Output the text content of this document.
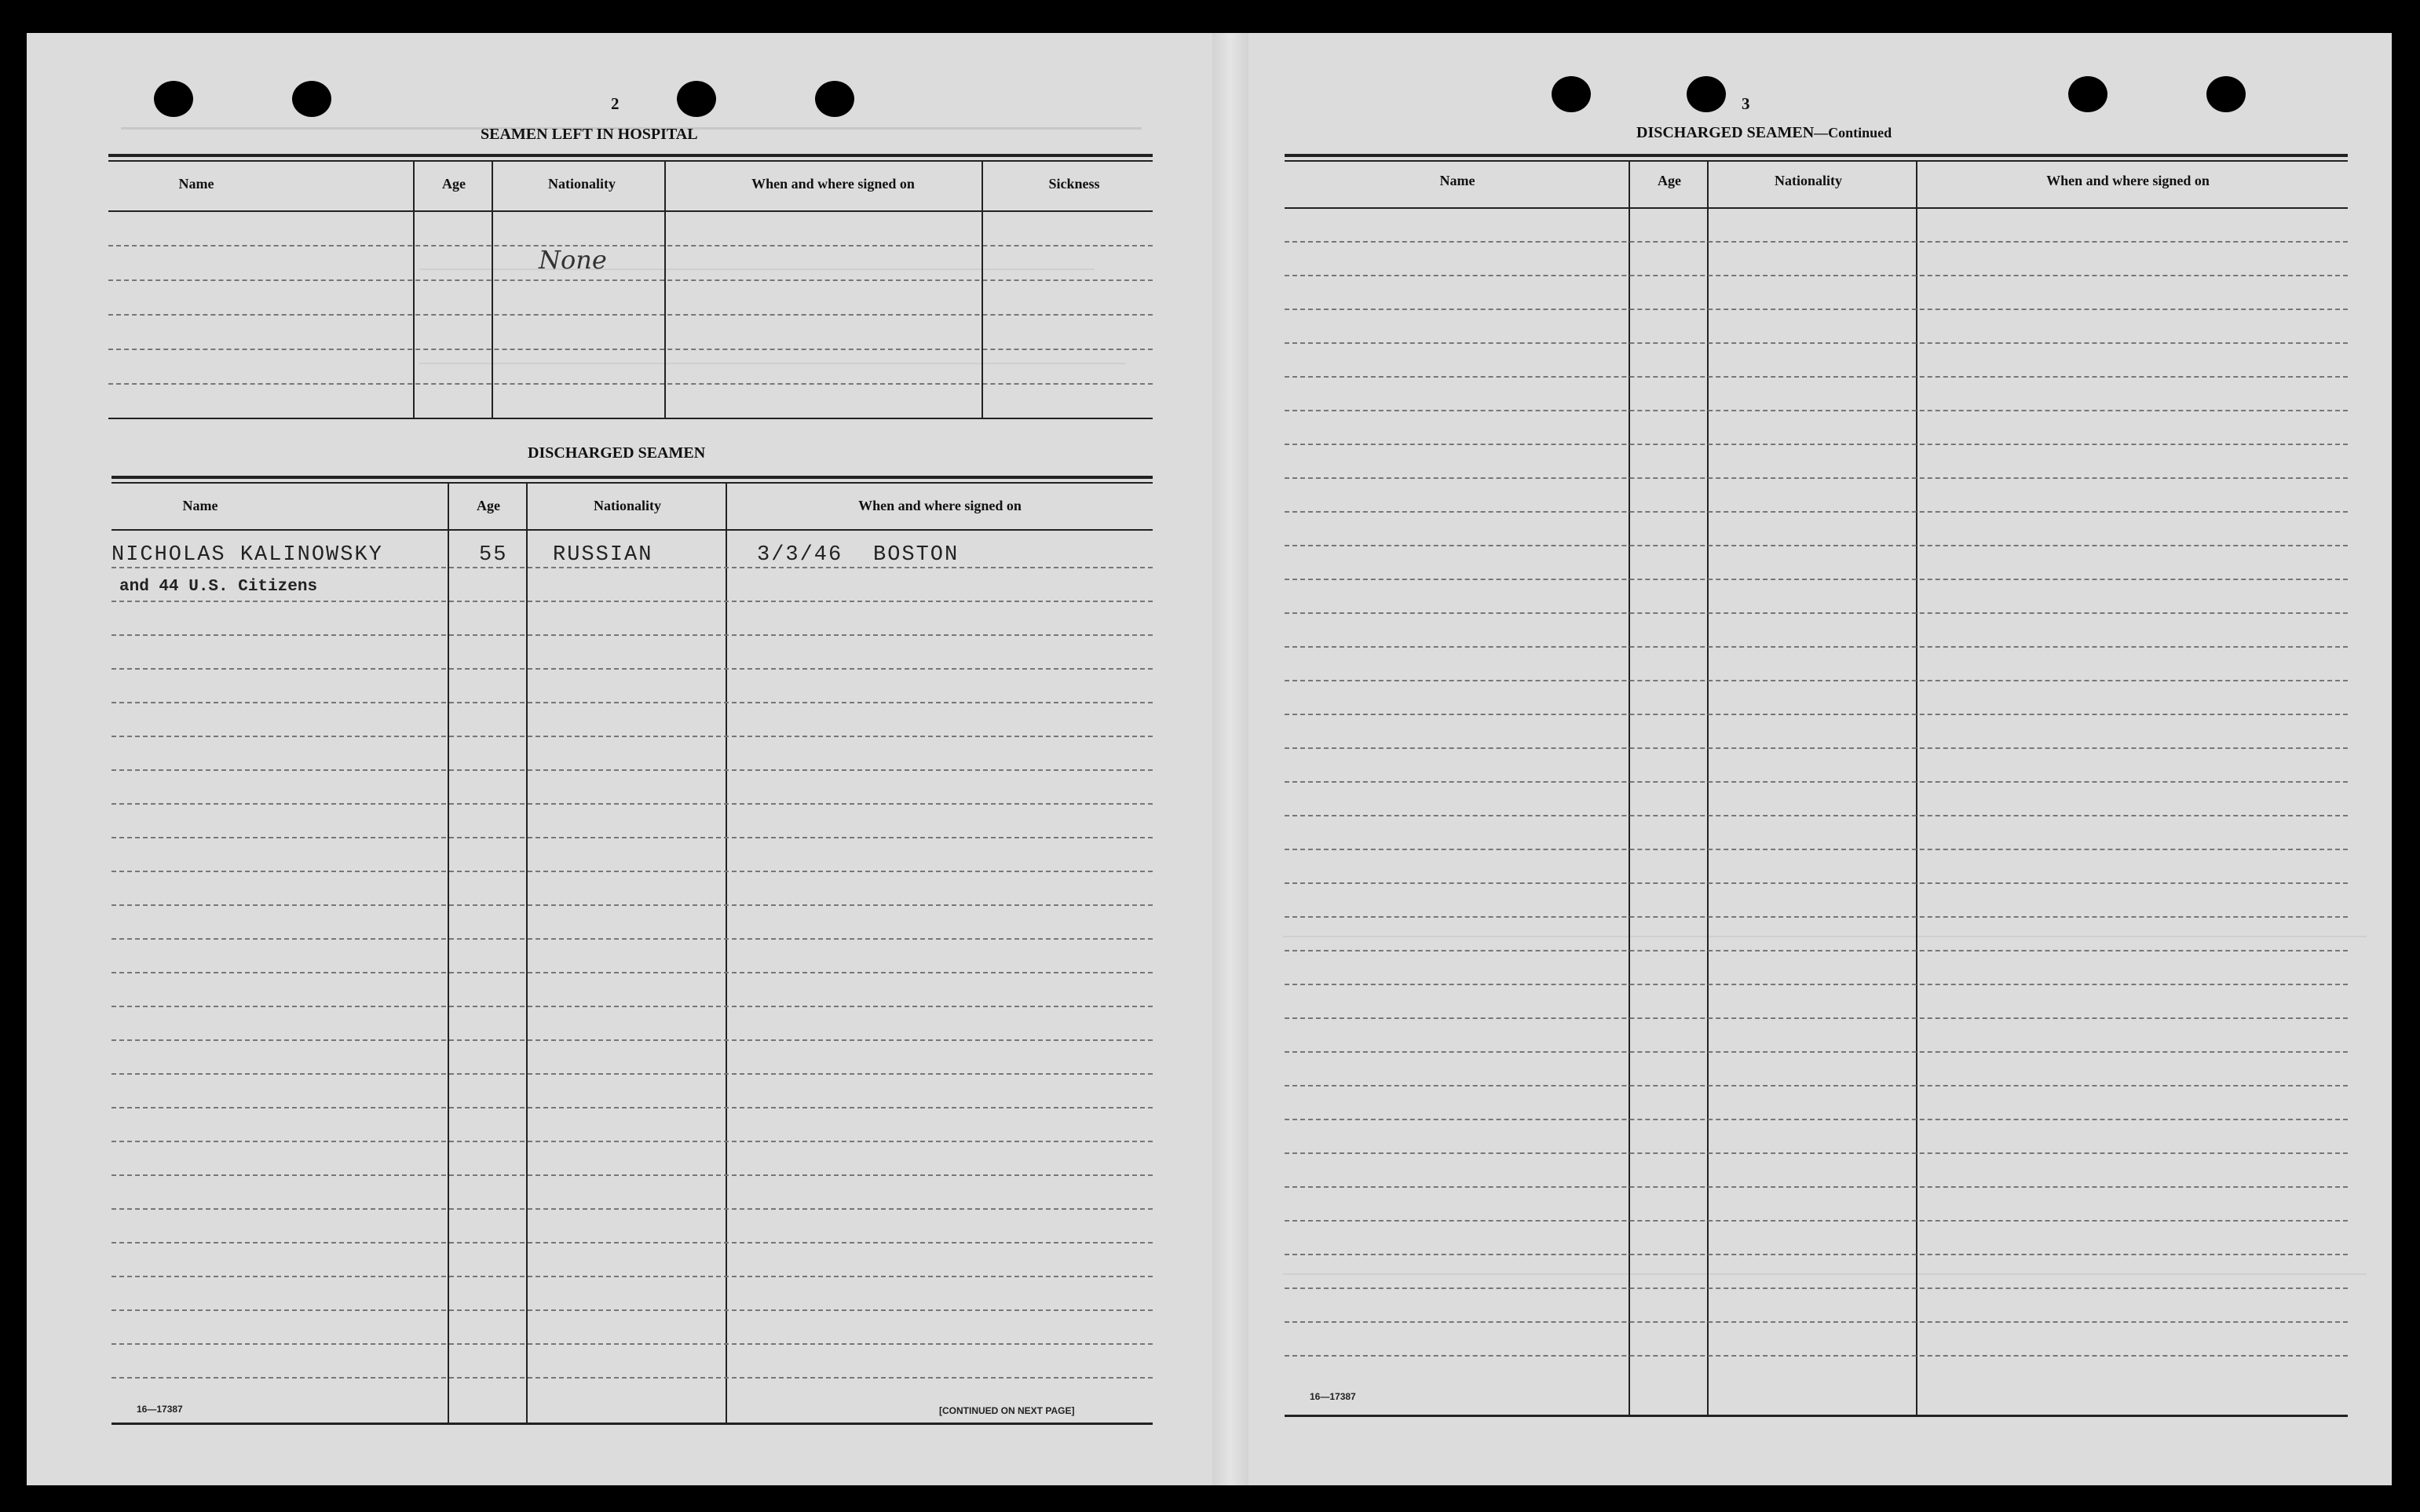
2
SEAMEN LEFT IN HOSPITAL
Name	Age	Nationality	When and where signed on	Sickness
None
DISCHARGED SEAMEN
Name	Age	Nationality	When and where signed on
NICHOLAS KALINOWSKY	55 RUSSIAN	3/3/46 BOSTON
and 44 U.S. Citizens
16—17387	[CONTINUED ON NEXT PAGE]
3
DISCHARGED SEAMEN—Continued
Name	Age	Nationality	When and where signed on
16—17387
